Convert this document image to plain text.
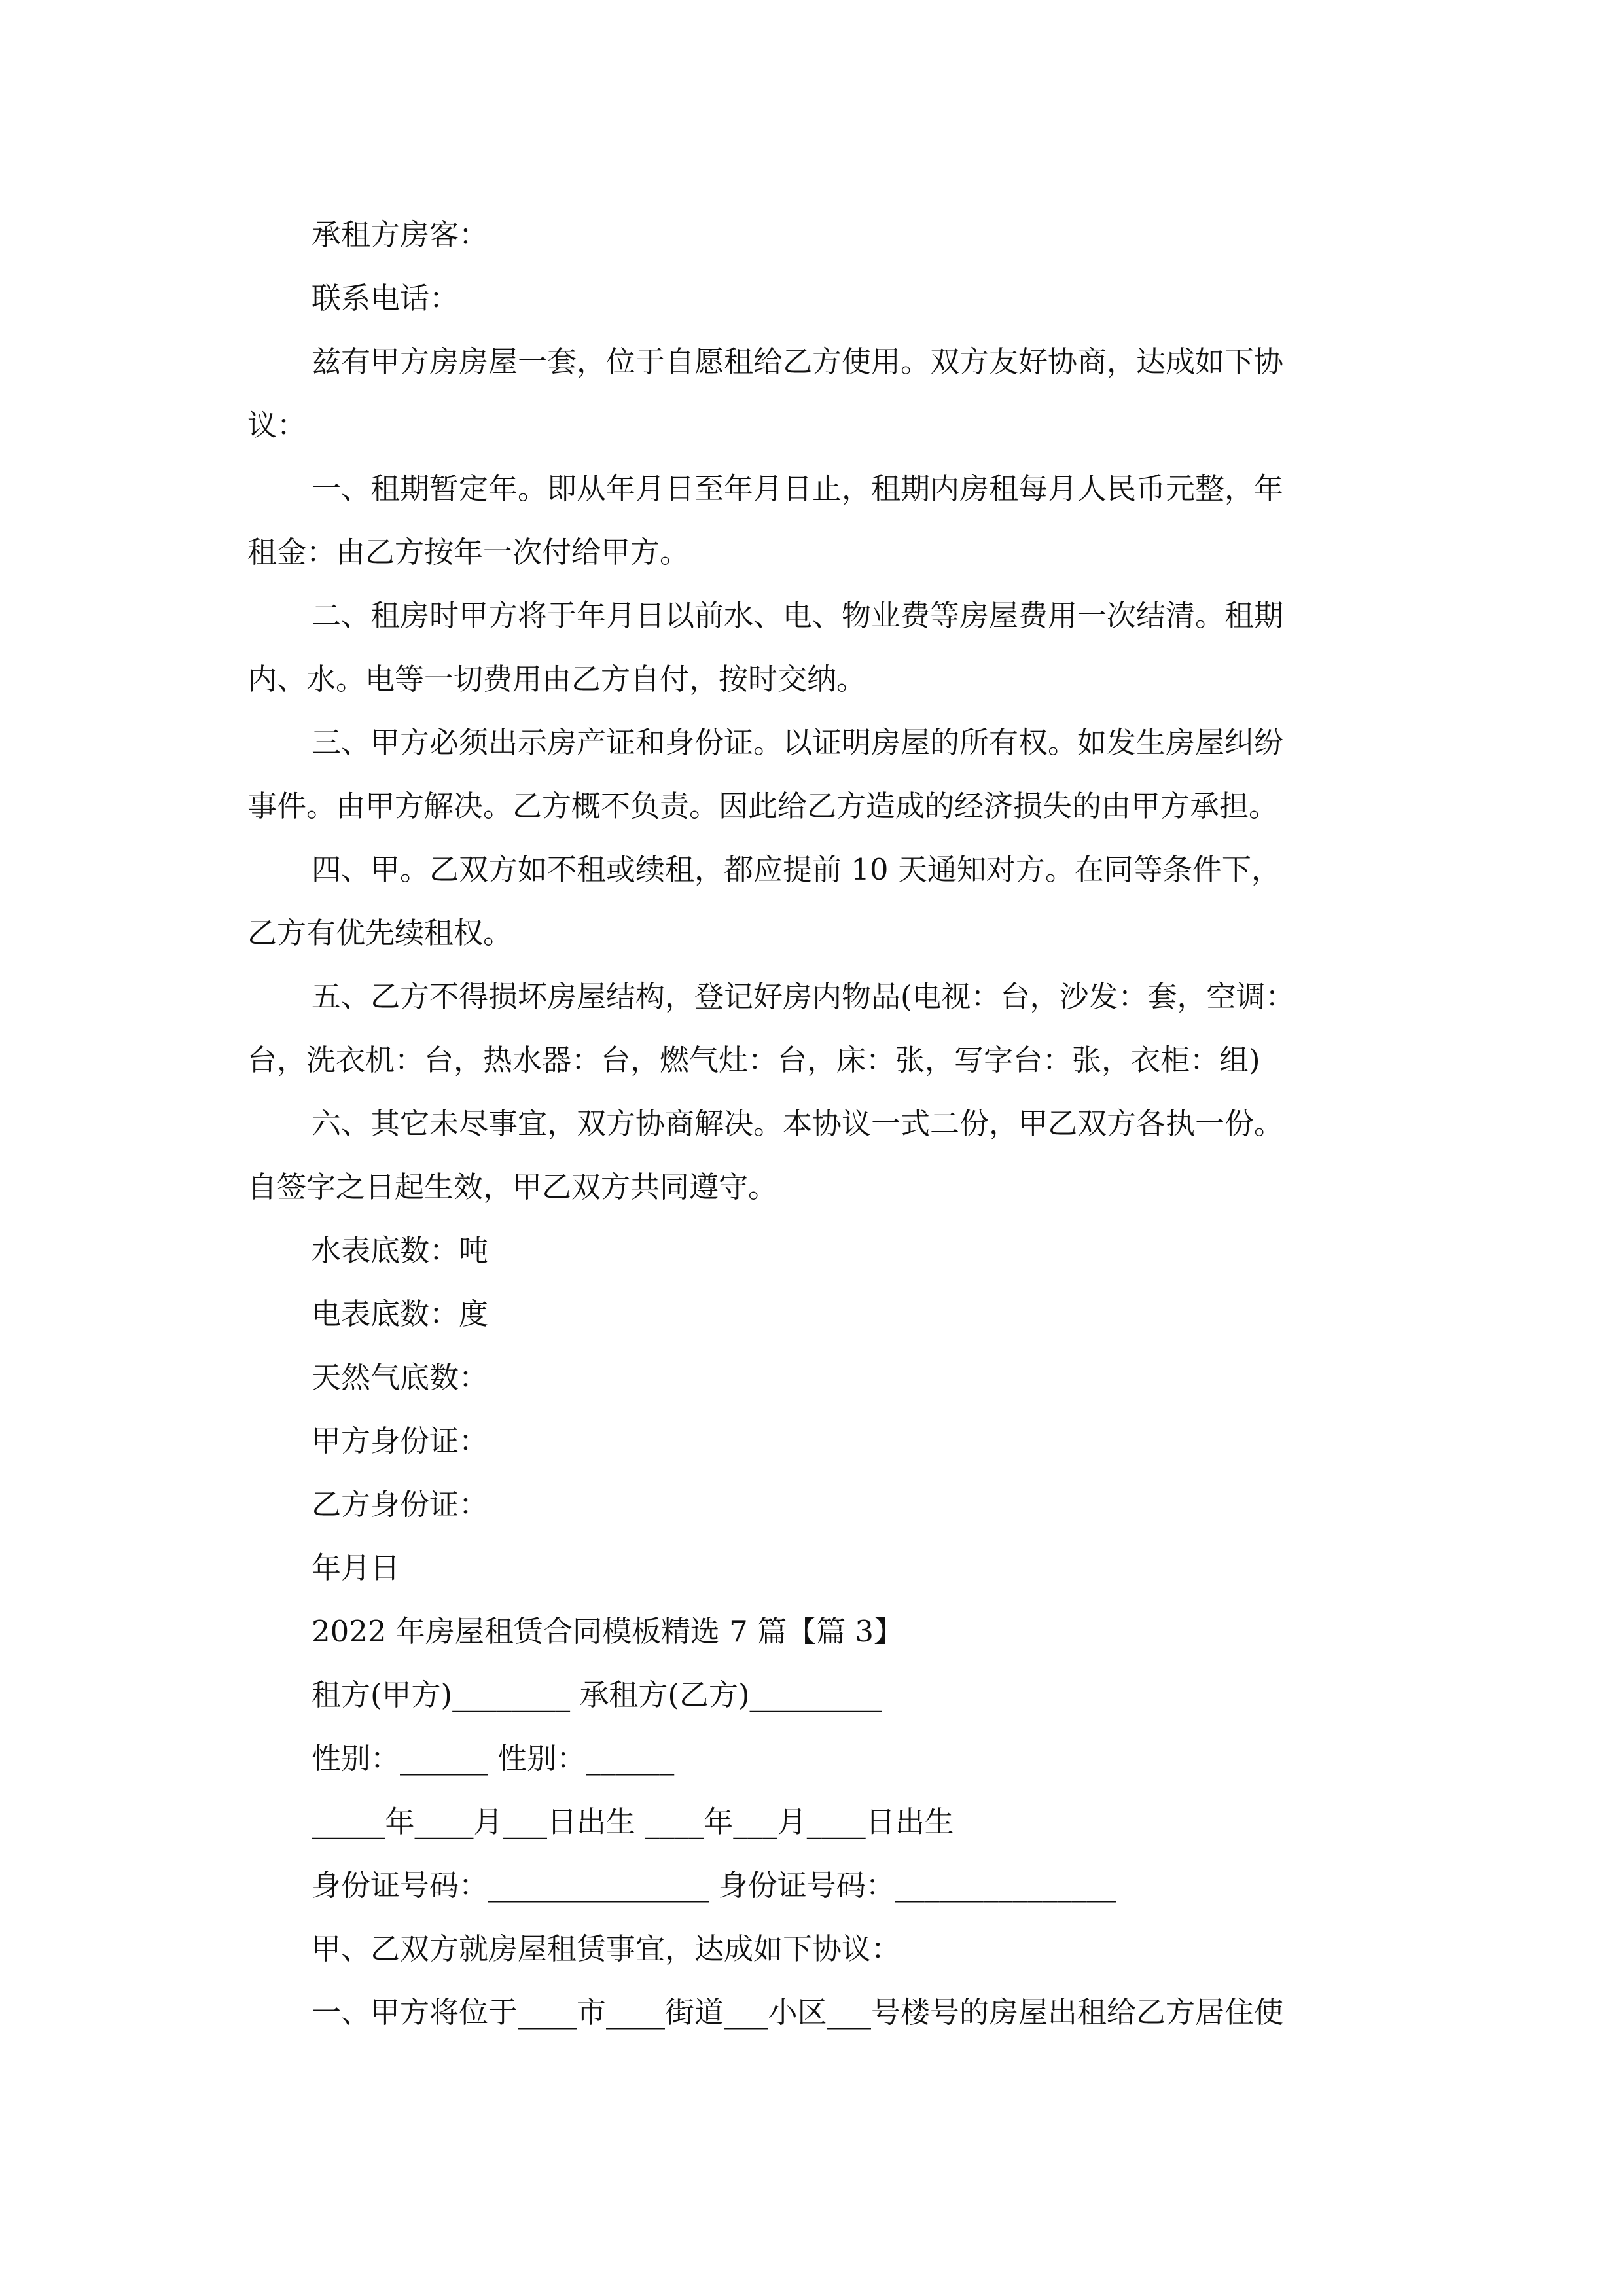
承租方房客：

联系电话：

兹有甲方房房屋一套，位于自愿租给乙方使用。双方友好协商，达成如下协

议：

一、租期暂定年。即从年月日至年月日止，租期内房租每月人民币元整，年

租金：由乙方按年一次付给甲方。

二、租房时甲方将于年月日以前水、电、物业费等房屋费用一次结清。租期

内、水。电等一切费用由乙方自付，按时交纳。

三、甲方必须出示房产证和身份证。以证明房屋的所有权。如发生房屋纠纷

事件。由甲方解决。乙方概不负责。因此给乙方造成的经济损失的由甲方承担。

四、甲。乙双方如不租或续租，都应提前 10 天通知对方。在同等条件下，

乙方有优先续租权。

五、乙方不得损坏房屋结构，登记好房内物品(电视：台，沙发：套，空调：

台，洗衣机：台，热水器：台，燃气灶：台，床：张，写字台：张，衣柜：组)

六、其它未尽事宜，双方协商解决。本协议一式二份，甲乙双方各执一份。

自签字之日起生效，甲乙双方共同遵守。

水表底数：吨

电表底数：度

天然气底数：

甲方身份证：

乙方身份证：

年月日

2022 年房屋租赁合同模板精选 7 篇【篇 3】

租方(甲方)________ 承租方(乙方)_________

性别：______ 性别：______

_____年____月___日出生 ____年___月____日出生

身份证号码：_______________ 身份证号码：_______________

甲、乙双方就房屋租赁事宜，达成如下协议：

一、甲方将位于____市____街道___小区___号楼号的房屋出租给乙方居住使
